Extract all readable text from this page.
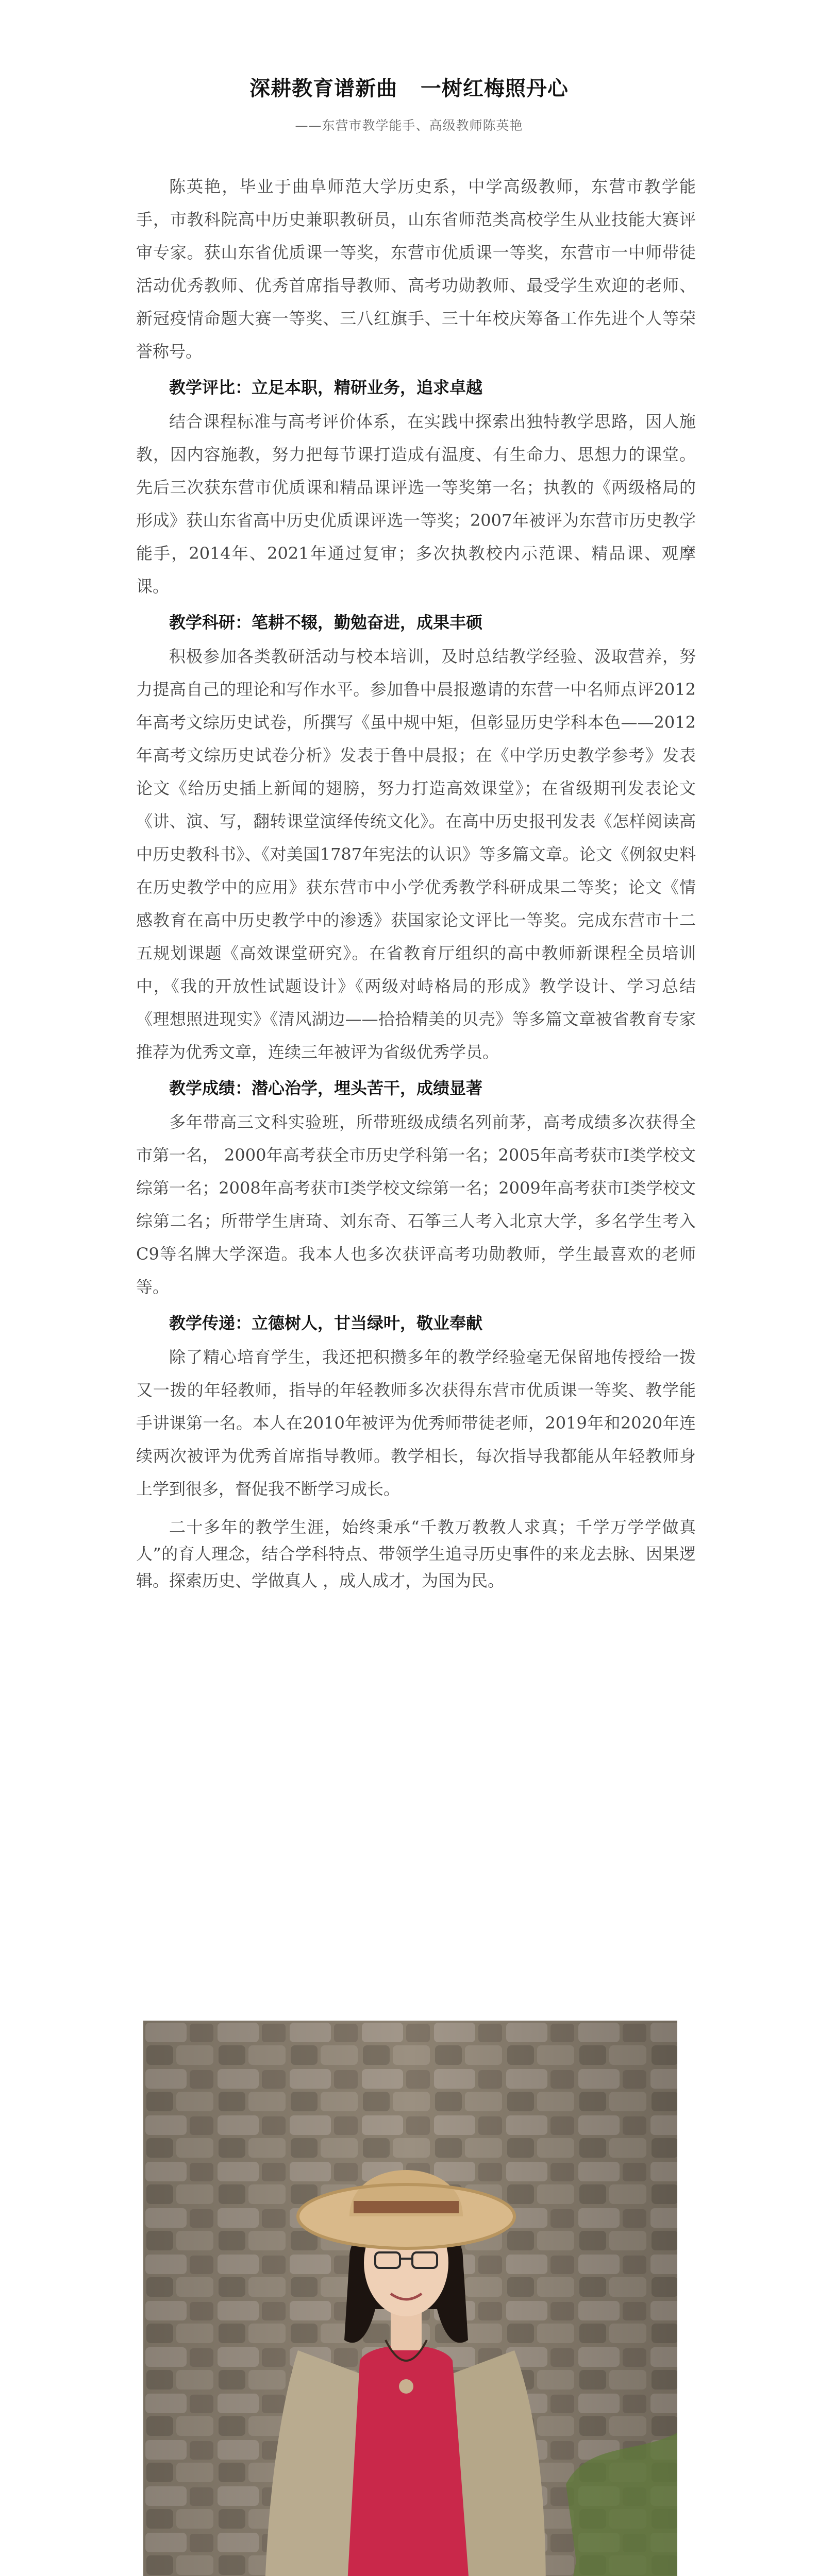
深耕教育谱新曲   一树红梅照丹心
——东营市教学能手、高级教师陈英艳

陈英艳，毕业于曲阜师范大学历史系，中学高级教师，东营市教学能手，市教科院高中历史兼职教研员，山东省师范类高校学生从业技能大赛评审专家。获山东省优质课一等奖，东营市优质课一等奖，东营市一中师带徒活动优秀教师、优秀首席指导教师、高考功勋教师、最受学生欢迎的老师、新冠疫情命题大赛一等奖、三八红旗手、三十年校庆筹备工作先进个人等荣誉称号。

教学评比：立足本职，精研业务，追求卓越

结合课程标准与高考评价体系，在实践中探索出独特教学思路，因人施教，因内容施教，努力把每节课打造成有温度、有生命力、思想力的课堂。先后三次获东营市优质课和精品课评选一等奖第一名；执教的《两级格局的形成》获山东省高中历史优质课评选一等奖；2007年被评为东营市历史教学能手，2014年、2021年通过复审；多次执教校内示范课、精品课、观摩课。

教学科研：笔耕不辍，勤勉奋进，成果丰硕

积极参加各类教研活动与校本培训，及时总结教学经验、汲取营养，努力提高自己的理论和写作水平。参加鲁中晨报邀请的东营一中名师点评2012年高考文综历史试卷，所撰写《虽中规中矩，但彰显历史学科本色——2012年高考文综历史试卷分析》发表于鲁中晨报；在《中学历史教学参考》发表论文《给历史插上新闻的翅膀，努力打造高效课堂》；在省级期刊发表论文《讲、演、写，翻转课堂演绎传统文化》。在高中历史报刊发表《怎样阅读高中历史教科书》、《对美国1787年宪法的认识》等多篇文章。论文《例叙史料在历史教学中的应用》获东营市中小学优秀教学科研成果二等奖；论文《情感教育在高中历史教学中的渗透》获国家论文评比一等奖。完成东营市十二五规划课题《高效课堂研究》。在省教育厅组织的高中教师新课程全员培训中，《我的开放性试题设计》《两级对峙格局的形成》教学设计、学习总结《理想照进现实》《清风湖边——拾拾精美的贝壳》等多篇文章被省教育专家推荐为优秀文章，连续三年被评为省级优秀学员。

教学成绩：潜心治学，埋头苦干，成绩显著

多年带高三文科实验班，所带班级成绩名列前茅，高考成绩多次获得全市第一名， 2000年高考获全市历史学科第一名；2005年高考获市Ⅰ类学校文综第一名；2008年高考获市Ⅰ类学校文综第一名；2009年高考获市Ⅰ类学校文综第二名；所带学生唐琦、刘东奇、石筝三人考入北京大学，多名学生考入C9等名牌大学深造。我本人也多次获评高考功勋教师，学生最喜欢的老师等。

教学传递：立德树人，甘当绿叶，敬业奉献

除了精心培育学生，我还把积攒多年的教学经验毫无保留地传授给一拨又一拨的年轻教师，指导的年轻教师多次获得东营市优质课一等奖、教学能手讲课第一名。本人在2010年被评为优秀师带徒老师，2019年和2020年连续两次被评为优秀首席指导教师。教学相长，每次指导我都能从年轻教师身上学到很多，督促我不断学习成长。

二十多年的教学生涯，始终秉承“千教万教教人求真；千学万学学做真人”的育人理念，结合学科特点、带领学生追寻历史事件的来龙去脉、因果逻辑。探索历史、学做真人 ，成人成才，为国为民。
